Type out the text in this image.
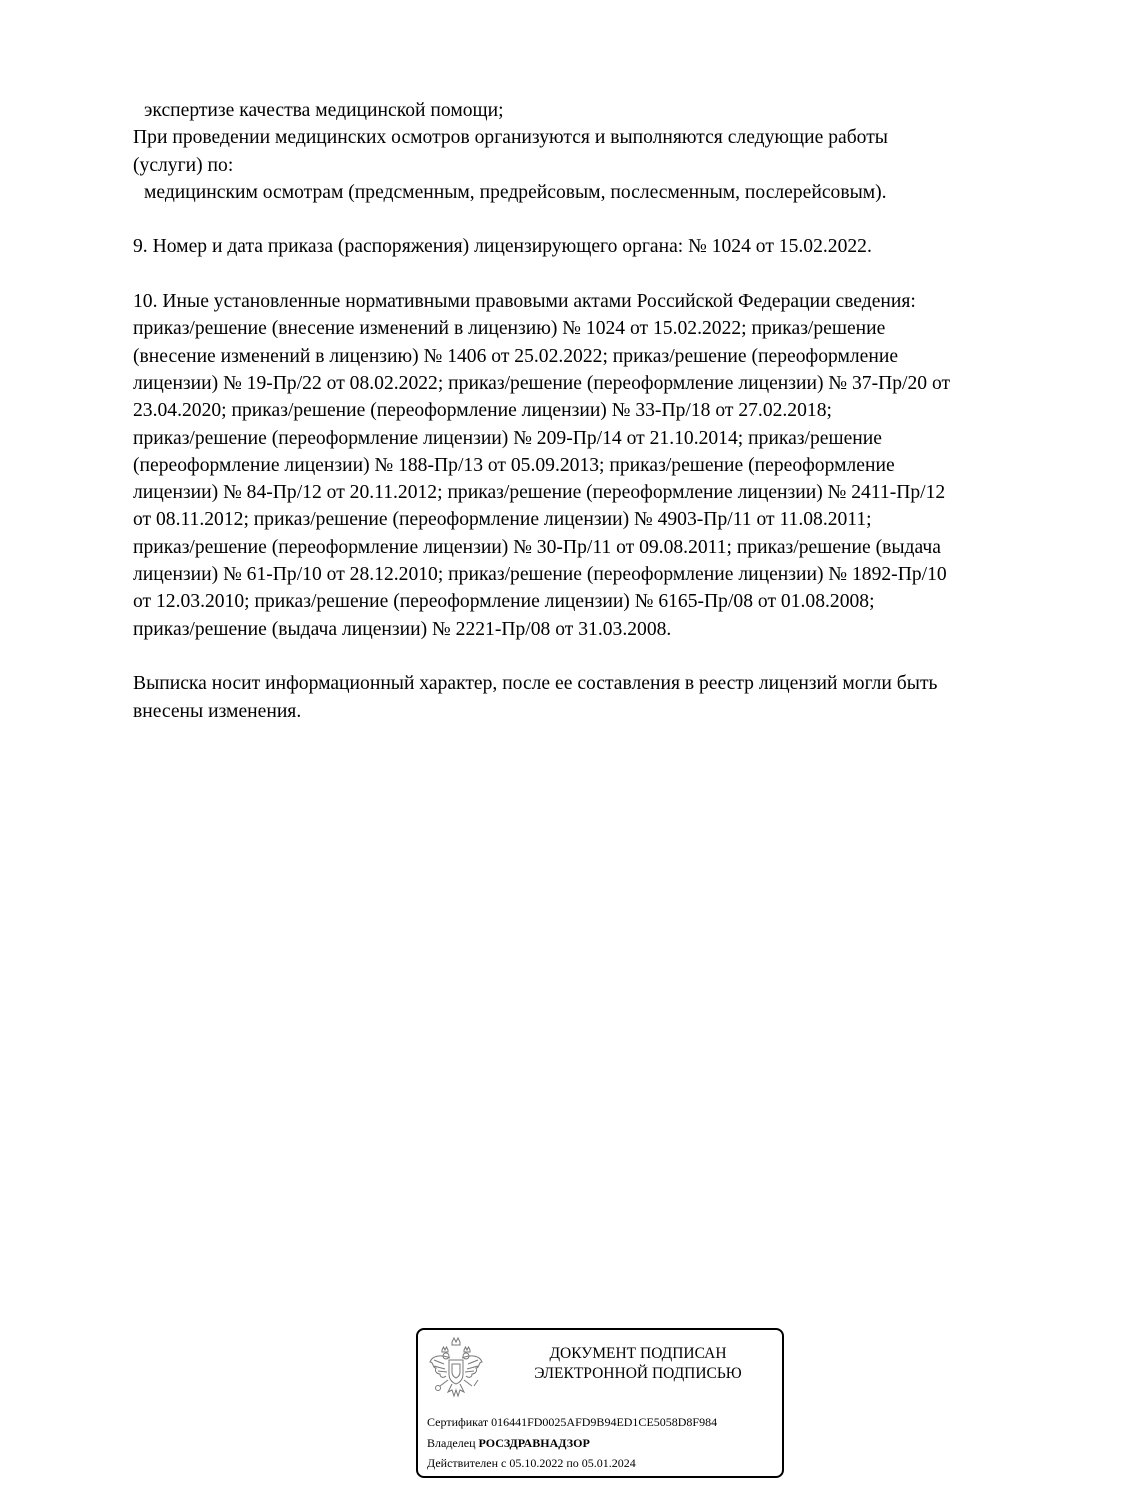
экспертизе качества медицинской помощи;
При проведении медицинских осмотров организуются и выполняются следующие работы
(услуги) по:
медицинским осмотрам (предсменным, предрейсовым, послесменным, послерейсовым).
9. Номер и дата приказа (распоряжения) лицензирующего органа: № 1024 от 15.02.2022.
10. Иные установленные нормативными правовыми актами Российской Федерации сведения:
приказ/решение (внесение изменений в лицензию) № 1024 от 15.02.2022; приказ/решение
(внесение изменений в лицензию) № 1406 от 25.02.2022; приказ/решение (переоформление
лицензии) № 19-Пр/22 от 08.02.2022; приказ/решение (переоформление лицензии) № 37-Пр/20 от
23.04.2020; приказ/решение (переоформление лицензии) № 33-Пр/18 от 27.02.2018;
приказ/решение (переоформление лицензии) № 209-Пр/14 от 21.10.2014; приказ/решение
(переоформление лицензии) № 188-Пр/13 от 05.09.2013; приказ/решение (переоформление
лицензии) № 84-Пр/12 от 20.11.2012; приказ/решение (переоформление лицензии) № 2411-Пр/12
от 08.11.2012; приказ/решение (переоформление лицензии) № 4903-Пр/11 от 11.08.2011;
приказ/решение (переоформление лицензии) № 30-Пр/11 от 09.08.2011; приказ/решение (выдача
лицензии) № 61-Пр/10 от 28.12.2010; приказ/решение (переоформление лицензии) № 1892-Пр/10
от 12.03.2010; приказ/решение (переоформление лицензии) № 6165-Пр/08 от 01.08.2008;
приказ/решение (выдача лицензии) № 2221-Пр/08 от 31.03.2008.
Выписка носит информационный характер, после ее составления в реестр лицензий могли быть
внесены изменения.
ДОКУМЕНТ ПОДПИСАН
ЭЛЕКТРОННОЙ ПОДПИСЬЮ
Сертификат 016441FD0025AFD9B94ED1CE5058D8F984
Владелец РОСЗДРАВНАДЗОР
Действителен с 05.10.2022 по 05.01.2024
